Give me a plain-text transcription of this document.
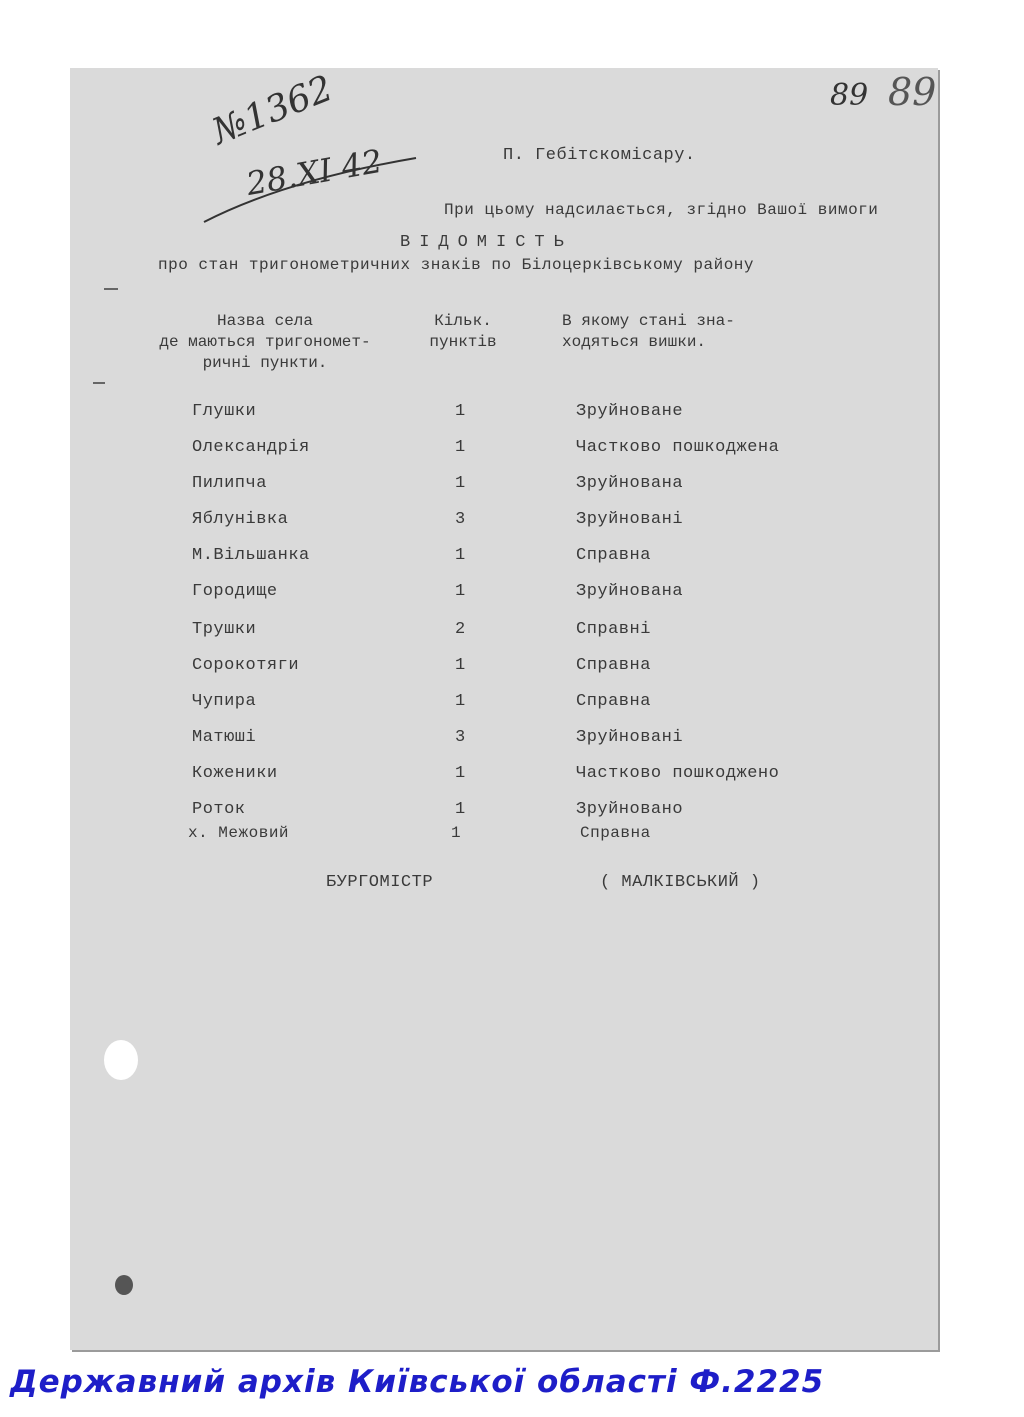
89 89
№1362
28.XI 42	П. Гебітскомісару.
При цьому надсилається, згідно Вашої вимоги
ВІДОМІСТЬ
про стан тригонометричних знаків по Білоцерківському району
Назва села
де маються тригономет-
ричні пункти.
Кільк.
пунктів
В якому стані зна-
ходяться вишки.
Глушки	1	Зруйноване
Олександрія	1	Частково пошкоджена
Пилипча	1	Зруйнована
Яблунівка	3	Зруйновані
М.Вільшанка	1	Справна
Городище	1	Зруйнована
Трушки	2	Справні
Сорокотяги	1	Справна
Чупира	1	Справна
Матюші	3	Зруйновані
Коженики	1	Частково пошкоджено
Роток	1	Зруйновано
х. Межовий	1	Справна
БУРГОМІСТР	( МАЛКІВСЬКИЙ )
Державний архів Київської області Ф.2225
